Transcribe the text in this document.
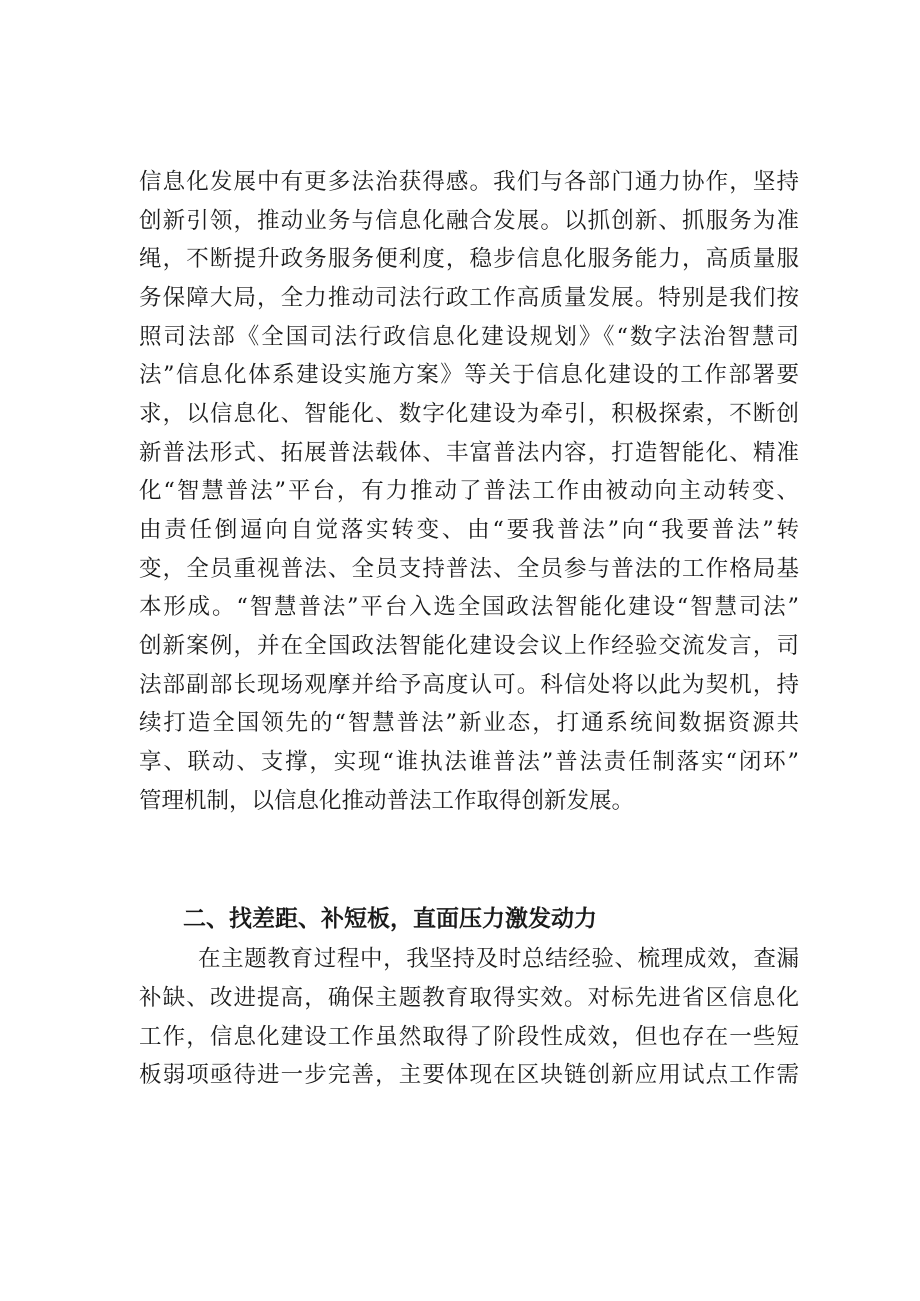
信息化发展中有更多法治获得感。我们与各部门通力协作，坚持
创新引领，推动业务与信息化融合发展。以抓创新、抓服务为准
绳，不断提升政务服务便利度，稳步信息化服务能力，高质量服
务保障大局，全力推动司法行政工作高质量发展。特别是我们按
照司法部《全国司法行政信息化建设规划》《“数字法治智慧司
法”信息化体系建设实施方案》等关于信息化建设的工作部署要
求，以信息化、智能化、数字化建设为牵引，积极探索，不断创
新普法形式、拓展普法载体、丰富普法内容，打造智能化、精准
化“智慧普法”平台，有力推动了普法工作由被动向主动转变、
由责任倒逼向自觉落实转变、由“要我普法”向“我要普法”转
变，全员重视普法、全员支持普法、全员参与普法的工作格局基
本形成。“智慧普法”平台入选全国政法智能化建设“智慧司法”
创新案例，并在全国政法智能化建设会议上作经验交流发言，司
法部副部长现场观摩并给予高度认可。科信处将以此为契机，持
续打造全国领先的“智慧普法”新业态，打通系统间数据资源共
享、联动、支撑，实现“谁执法谁普法”普法责任制落实“闭环”
管理机制，以信息化推动普法工作取得创新发展。
二、找差距、补短板，直面压力激发动力
在主题教育过程中，我坚持及时总结经验、梳理成效，查漏
补缺、改进提高，确保主题教育取得实效。对标先进省区信息化
工作，信息化建设工作虽然取得了阶段性成效，但也存在一些短
板弱项亟待进一步完善，主要体现在区块链创新应用试点工作需
